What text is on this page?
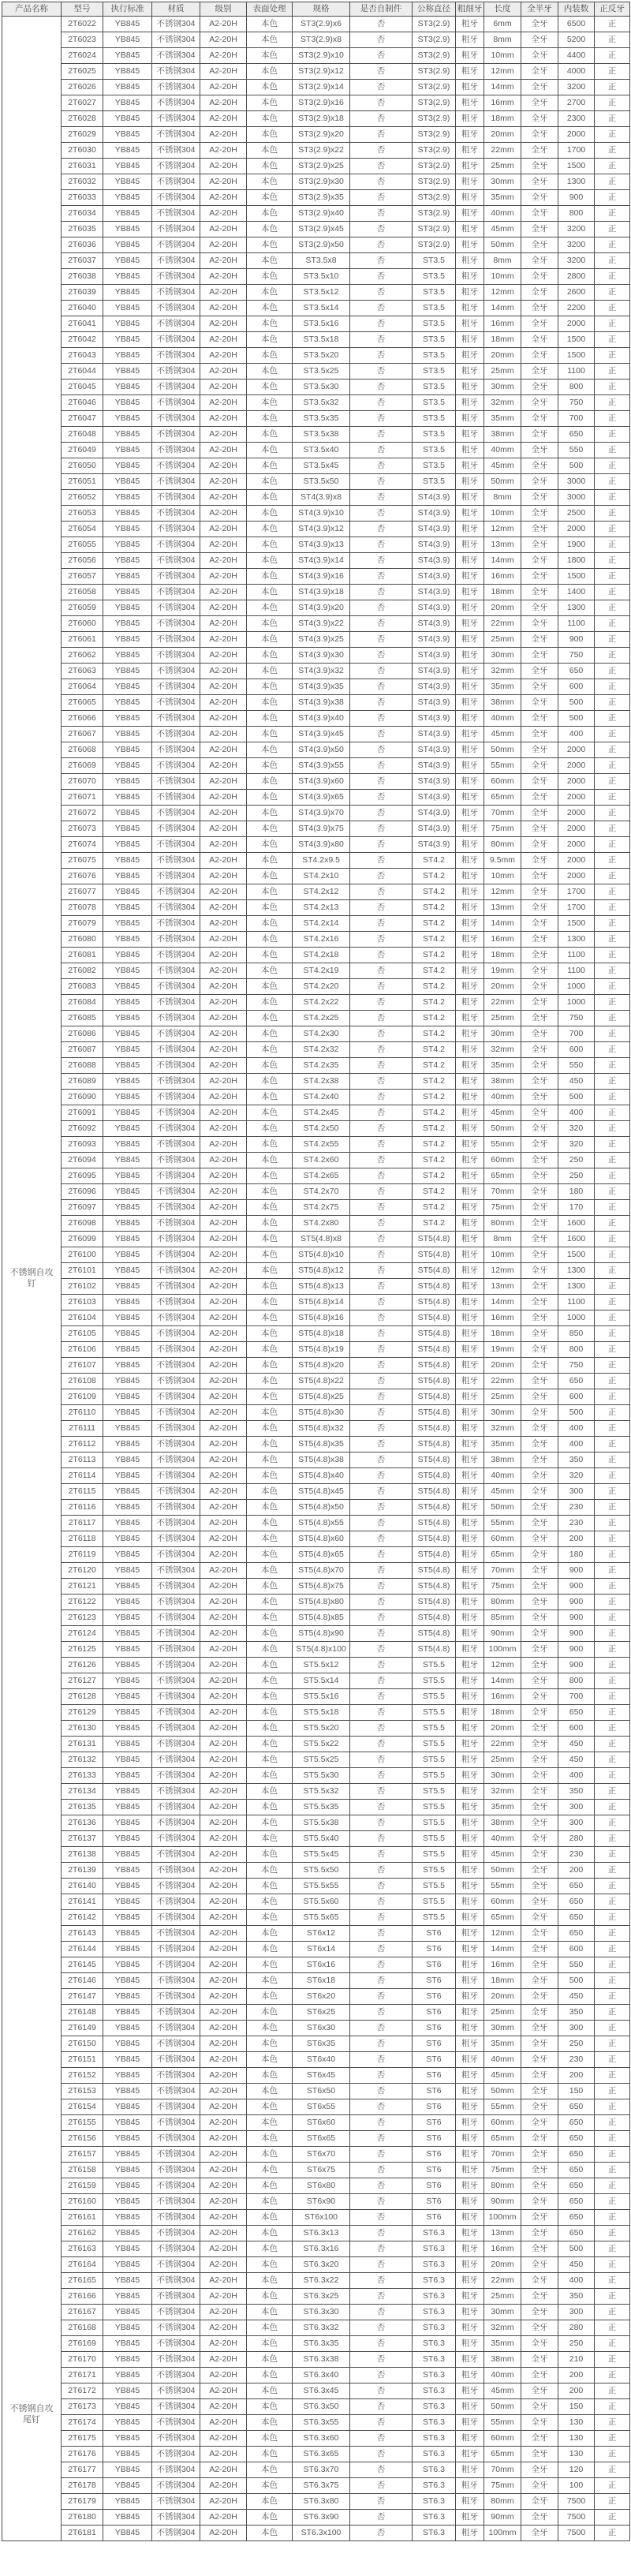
产品名称	型号	执行标准	材质	级别	表面处理	规格	是否自制件	公称直径	粗细牙	长度	全半牙	内装数	正反牙

不锈钢自攻
钉
不锈钢自攻
尾钉	2T6022	YB845	不锈钢304	A2-20H	本色	ST3(2.9)x6	否	ST3(2.9)	粗牙	6mm	全牙	6500	正
	2T6023	YB845	不锈钢304	A2-20H	本色	ST3(2.9)x8	否	ST3(2.9)	粗牙	8mm	全牙	5200	正
	2T6024	YB845	不锈钢304	A2-20H	本色	ST3(2.9)x10	否	ST3(2.9)	粗牙	10mm	全牙	4400	正
	2T6025	YB845	不锈钢304	A2-20H	本色	ST3(2.9)x12	否	ST3(2.9)	粗牙	12mm	全牙	4000	正
	2T6026	YB845	不锈钢304	A2-20H	本色	ST3(2.9)x14	否	ST3(2.9)	粗牙	14mm	全牙	3200	正
	2T6027	YB845	不锈钢304	A2-20H	本色	ST3(2.9)x16	否	ST3(2.9)	粗牙	16mm	全牙	2700	正
	2T6028	YB845	不锈钢304	A2-20H	本色	ST3(2.9)x18	否	ST3(2.9)	粗牙	18mm	全牙	2300	正
	2T6029	YB845	不锈钢304	A2-20H	本色	ST3(2.9)x20	否	ST3(2.9)	粗牙	20mm	全牙	2000	正
	2T6030	YB845	不锈钢304	A2-20H	本色	ST3(2.9)x22	否	ST3(2.9)	粗牙	22mm	全牙	1700	正
	2T6031	YB845	不锈钢304	A2-20H	本色	ST3(2.9)x25	否	ST3(2.9)	粗牙	25mm	全牙	1500	正
	2T6032	YB845	不锈钢304	A2-20H	本色	ST3(2.9)x30	否	ST3(2.9)	粗牙	30mm	全牙	1300	正
	2T6033	YB845	不锈钢304	A2-20H	本色	ST3(2.9)x35	否	ST3(2.9)	粗牙	35mm	全牙	900	正
	2T6034	YB845	不锈钢304	A2-20H	本色	ST3(2.9)x40	否	ST3(2.9)	粗牙	40mm	全牙	800	正
	2T6035	YB845	不锈钢304	A2-20H	本色	ST3(2.9)x45	否	ST3(2.9)	粗牙	45mm	全牙	3200	正
	2T6036	YB845	不锈钢304	A2-20H	本色	ST3(2.9)x50	否	ST3(2.9)	粗牙	50mm	全牙	3200	正
	2T6037	YB845	不锈钢304	A2-20H	本色	ST3.5x8	否	ST3.5	粗牙	8mm	全牙	3200	正
	2T6038	YB845	不锈钢304	A2-20H	本色	ST3.5x10	否	ST3.5	粗牙	10mm	全牙	2800	正
	2T6039	YB845	不锈钢304	A2-20H	本色	ST3.5x12	否	ST3.5	粗牙	12mm	全牙	2600	正
	2T6040	YB845	不锈钢304	A2-20H	本色	ST3.5x14	否	ST3.5	粗牙	14mm	全牙	2200	正
	2T6041	YB845	不锈钢304	A2-20H	本色	ST3.5x16	否	ST3.5	粗牙	16mm	全牙	2000	正
	2T6042	YB845	不锈钢304	A2-20H	本色	ST3.5x18	否	ST3.5	粗牙	18mm	全牙	1500	正
	2T6043	YB845	不锈钢304	A2-20H	本色	ST3.5x20	否	ST3.5	粗牙	20mm	全牙	1500	正
	2T6044	YB845	不锈钢304	A2-20H	本色	ST3.5x25	否	ST3.5	粗牙	25mm	全牙	1100	正
	2T6045	YB845	不锈钢304	A2-20H	本色	ST3.5x30	否	ST3.5	粗牙	30mm	全牙	800	正
	2T6046	YB845	不锈钢304	A2-20H	本色	ST3.5x32	否	ST3.5	粗牙	32mm	全牙	750	正
	2T6047	YB845	不锈钢304	A2-20H	本色	ST3.5x35	否	ST3.5	粗牙	35mm	全牙	700	正
	2T6048	YB845	不锈钢304	A2-20H	本色	ST3.5x38	否	ST3.5	粗牙	38mm	全牙	650	正
	2T6049	YB845	不锈钢304	A2-20H	本色	ST3.5x40	否	ST3.5	粗牙	40mm	全牙	550	正
	2T6050	YB845	不锈钢304	A2-20H	本色	ST3.5x45	否	ST3.5	粗牙	45mm	全牙	500	正
	2T6051	YB845	不锈钢304	A2-20H	本色	ST3.5x50	否	ST3.5	粗牙	50mm	全牙	3000	正
	2T6052	YB845	不锈钢304	A2-20H	本色	ST4(3.9)x8	否	ST4(3.9)	粗牙	8mm	全牙	3000	正
	2T6053	YB845	不锈钢304	A2-20H	本色	ST4(3.9)x10	否	ST4(3.9)	粗牙	10mm	全牙	2500	正
	2T6054	YB845	不锈钢304	A2-20H	本色	ST4(3.9)x12	否	ST4(3.9)	粗牙	12mm	全牙	2000	正
	2T6055	YB845	不锈钢304	A2-20H	本色	ST4(3.9)x13	否	ST4(3.9)	粗牙	13mm	全牙	1900	正
	2T6056	YB845	不锈钢304	A2-20H	本色	ST4(3.9)x14	否	ST4(3.9)	粗牙	14mm	全牙	1800	正
	2T6057	YB845	不锈钢304	A2-20H	本色	ST4(3.9)x16	否	ST4(3.9)	粗牙	16mm	全牙	1500	正
	2T6058	YB845	不锈钢304	A2-20H	本色	ST4(3.9)x18	否	ST4(3.9)	粗牙	18mm	全牙	1400	正
	2T6059	YB845	不锈钢304	A2-20H	本色	ST4(3.9)x20	否	ST4(3.9)	粗牙	20mm	全牙	1300	正
	2T6060	YB845	不锈钢304	A2-20H	本色	ST4(3.9)x22	否	ST4(3.9)	粗牙	22mm	全牙	1100	正
	2T6061	YB845	不锈钢304	A2-20H	本色	ST4(3.9)x25	否	ST4(3.9)	粗牙	25mm	全牙	900	正
	2T6062	YB845	不锈钢304	A2-20H	本色	ST4(3.9)x30	否	ST4(3.9)	粗牙	30mm	全牙	750	正
	2T6063	YB845	不锈钢304	A2-20H	本色	ST4(3.9)x32	否	ST4(3.9)	粗牙	32mm	全牙	650	正
	2T6064	YB845	不锈钢304	A2-20H	本色	ST4(3.9)x35	否	ST4(3.9)	粗牙	35mm	全牙	600	正
	2T6065	YB845	不锈钢304	A2-20H	本色	ST4(3.9)x38	否	ST4(3.9)	粗牙	38mm	全牙	500	正
	2T6066	YB845	不锈钢304	A2-20H	本色	ST4(3.9)x40	否	ST4(3.9)	粗牙	40mm	全牙	500	正
	2T6067	YB845	不锈钢304	A2-20H	本色	ST4(3.9)x45	否	ST4(3.9)	粗牙	45mm	全牙	400	正
	2T6068	YB845	不锈钢304	A2-20H	本色	ST4(3.9)x50	否	ST4(3.9)	粗牙	50mm	全牙	2000	正
	2T6069	YB845	不锈钢304	A2-20H	本色	ST4(3.9)x55	否	ST4(3.9)	粗牙	55mm	全牙	2000	正
	2T6070	YB845	不锈钢304	A2-20H	本色	ST4(3.9)x60	否	ST4(3.9)	粗牙	60mm	全牙	2000	正
	2T6071	YB845	不锈钢304	A2-20H	本色	ST4(3.9)x65	否	ST4(3.9)	粗牙	65mm	全牙	2000	正
	2T6072	YB845	不锈钢304	A2-20H	本色	ST4(3.9)x70	否	ST4(3.9)	粗牙	70mm	全牙	2000	正
	2T6073	YB845	不锈钢304	A2-20H	本色	ST4(3.9)x75	否	ST4(3.9)	粗牙	75mm	全牙	2000	正
	2T6074	YB845	不锈钢304	A2-20H	本色	ST4(3.9)x80	否	ST4(3.9)	粗牙	80mm	全牙	2000	正
	2T6075	YB845	不锈钢304	A2-20H	本色	ST4.2x9.5	否	ST4.2	粗牙	9.5mm	全牙	2000	正
	2T6076	YB845	不锈钢304	A2-20H	本色	ST4.2x10	否	ST4.2	粗牙	10mm	全牙	2000	正
	2T6077	YB845	不锈钢304	A2-20H	本色	ST4.2x12	否	ST4.2	粗牙	12mm	全牙	1700	正
	2T6078	YB845	不锈钢304	A2-20H	本色	ST4.2x13	否	ST4.2	粗牙	13mm	全牙	1700	正
	2T6079	YB845	不锈钢304	A2-20H	本色	ST4.2x14	否	ST4.2	粗牙	14mm	全牙	1500	正
	2T6080	YB845	不锈钢304	A2-20H	本色	ST4.2x16	否	ST4.2	粗牙	16mm	全牙	1300	正
	2T6081	YB845	不锈钢304	A2-20H	本色	ST4.2x18	否	ST4.2	粗牙	18mm	全牙	1100	正
	2T6082	YB845	不锈钢304	A2-20H	本色	ST4.2x19	否	ST4.2	粗牙	19mm	全牙	1100	正
	2T6083	YB845	不锈钢304	A2-20H	本色	ST4.2x20	否	ST4.2	粗牙	20mm	全牙	1000	正
	2T6084	YB845	不锈钢304	A2-20H	本色	ST4.2x22	否	ST4.2	粗牙	22mm	全牙	1000	正
	2T6085	YB845	不锈钢304	A2-20H	本色	ST4.2x25	否	ST4.2	粗牙	25mm	全牙	750	正
	2T6086	YB845	不锈钢304	A2-20H	本色	ST4.2x30	否	ST4.2	粗牙	30mm	全牙	700	正
	2T6087	YB845	不锈钢304	A2-20H	本色	ST4.2x32	否	ST4.2	粗牙	32mm	全牙	600	正
	2T6088	YB845	不锈钢304	A2-20H	本色	ST4.2x35	否	ST4.2	粗牙	35mm	全牙	550	正
	2T6089	YB845	不锈钢304	A2-20H	本色	ST4.2x38	否	ST4.2	粗牙	38mm	全牙	450	正
	2T6090	YB845	不锈钢304	A2-20H	本色	ST4.2x40	否	ST4.2	粗牙	40mm	全牙	500	正
	2T6091	YB845	不锈钢304	A2-20H	本色	ST4.2x45	否	ST4.2	粗牙	45mm	全牙	400	正
	2T6092	YB845	不锈钢304	A2-20H	本色	ST4.2x50	否	ST4.2	粗牙	50mm	全牙	320	正
	2T6093	YB845	不锈钢304	A2-20H	本色	ST4.2x55	否	ST4.2	粗牙	55mm	全牙	320	正
	2T6094	YB845	不锈钢304	A2-20H	本色	ST4.2x60	否	ST4.2	粗牙	60mm	全牙	250	正
	2T6095	YB845	不锈钢304	A2-20H	本色	ST4.2x65	否	ST4.2	粗牙	65mm	全牙	250	正
	2T6096	YB845	不锈钢304	A2-20H	本色	ST4.2x70	否	ST4.2	粗牙	70mm	全牙	180	正
	2T6097	YB845	不锈钢304	A2-20H	本色	ST4.2x75	否	ST4.2	粗牙	75mm	全牙	170	正
	2T6098	YB845	不锈钢304	A2-20H	本色	ST4.2x80	否	ST4.2	粗牙	80mm	全牙	1600	正
	2T6099	YB845	不锈钢304	A2-20H	本色	ST5(4.8)x8	否	ST5(4.8)	粗牙	8mm	全牙	1600	正
	2T6100	YB845	不锈钢304	A2-20H	本色	ST5(4.8)x10	否	ST5(4.8)	粗牙	10mm	全牙	1500	正
	2T6101	YB845	不锈钢304	A2-20H	本色	ST5(4.8)x12	否	ST5(4.8)	粗牙	12mm	全牙	1300	正
	2T6102	YB845	不锈钢304	A2-20H	本色	ST5(4.8)x13	否	ST5(4.8)	粗牙	13mm	全牙	1300	正
	2T6103	YB845	不锈钢304	A2-20H	本色	ST5(4.8)x14	否	ST5(4.8)	粗牙	14mm	全牙	1100	正
	2T6104	YB845	不锈钢304	A2-20H	本色	ST5(4.8)x16	否	ST5(4.8)	粗牙	16mm	全牙	1000	正
	2T6105	YB845	不锈钢304	A2-20H	本色	ST5(4.8)x18	否	ST5(4.8)	粗牙	18mm	全牙	850	正
	2T6106	YB845	不锈钢304	A2-20H	本色	ST5(4.8)x19	否	ST5(4.8)	粗牙	19mm	全牙	800	正
	2T6107	YB845	不锈钢304	A2-20H	本色	ST5(4.8)x20	否	ST5(4.8)	粗牙	20mm	全牙	750	正
	2T6108	YB845	不锈钢304	A2-20H	本色	ST5(4.8)x22	否	ST5(4.8)	粗牙	22mm	全牙	650	正
	2T6109	YB845	不锈钢304	A2-20H	本色	ST5(4.8)x25	否	ST5(4.8)	粗牙	25mm	全牙	600	正
	2T6110	YB845	不锈钢304	A2-20H	本色	ST5(4.8)x30	否	ST5(4.8)	粗牙	30mm	全牙	500	正
	2T6111	YB845	不锈钢304	A2-20H	本色	ST5(4.8)x32	否	ST5(4.8)	粗牙	32mm	全牙	400	正
	2T6112	YB845	不锈钢304	A2-20H	本色	ST5(4.8)x35	否	ST5(4.8)	粗牙	35mm	全牙	400	正
	2T6113	YB845	不锈钢304	A2-20H	本色	ST5(4.8)x38	否	ST5(4.8)	粗牙	38mm	全牙	350	正
	2T6114	YB845	不锈钢304	A2-20H	本色	ST5(4.8)x40	否	ST5(4.8)	粗牙	40mm	全牙	320	正
	2T6115	YB845	不锈钢304	A2-20H	本色	ST5(4.8)x45	否	ST5(4.8)	粗牙	45mm	全牙	300	正
	2T6116	YB845	不锈钢304	A2-20H	本色	ST5(4.8)x50	否	ST5(4.8)	粗牙	50mm	全牙	230	正
	2T6117	YB845	不锈钢304	A2-20H	本色	ST5(4.8)x55	否	ST5(4.8)	粗牙	55mm	全牙	230	正
	2T6118	YB845	不锈钢304	A2-20H	本色	ST5(4.8)x60	否	ST5(4.8)	粗牙	60mm	全牙	200	正
	2T6119	YB845	不锈钢304	A2-20H	本色	ST5(4.8)x65	否	ST5(4.8)	粗牙	65mm	全牙	180	正
	2T6120	YB845	不锈钢304	A2-20H	本色	ST5(4.8)x70	否	ST5(4.8)	粗牙	70mm	全牙	900	正
	2T6121	YB845	不锈钢304	A2-20H	本色	ST5(4.8)x75	否	ST5(4.8)	粗牙	75mm	全牙	900	正
	2T6122	YB845	不锈钢304	A2-20H	本色	ST5(4.8)x80	否	ST5(4.8)	粗牙	80mm	全牙	900	正
	2T6123	YB845	不锈钢304	A2-20H	本色	ST5(4.8)x85	否	ST5(4.8)	粗牙	85mm	全牙	900	正
	2T6124	YB845	不锈钢304	A2-20H	本色	ST5(4.8)x90	否	ST5(4.8)	粗牙	90mm	全牙	900	正
	2T6125	YB845	不锈钢304	A2-20H	本色	ST5(4.8)x100	否	ST5(4.8)	粗牙	100mm	全牙	900	正
	2T6126	YB845	不锈钢304	A2-20H	本色	ST5.5x12	否	ST5.5	粗牙	12mm	全牙	900	正
	2T6127	YB845	不锈钢304	A2-20H	本色	ST5.5x14	否	ST5.5	粗牙	14mm	全牙	800	正
	2T6128	YB845	不锈钢304	A2-20H	本色	ST5.5x16	否	ST5.5	粗牙	16mm	全牙	700	正
	2T6129	YB845	不锈钢304	A2-20H	本色	ST5.5x18	否	ST5.5	粗牙	18mm	全牙	650	正
	2T6130	YB845	不锈钢304	A2-20H	本色	ST5.5x20	否	ST5.5	粗牙	20mm	全牙	600	正
	2T6131	YB845	不锈钢304	A2-20H	本色	ST5.5x22	否	ST5.5	粗牙	22mm	全牙	450	正
	2T6132	YB845	不锈钢304	A2-20H	本色	ST5.5x25	否	ST5.5	粗牙	25mm	全牙	450	正
	2T6133	YB845	不锈钢304	A2-20H	本色	ST5.5x30	否	ST5.5	粗牙	30mm	全牙	400	正
	2T6134	YB845	不锈钢304	A2-20H	本色	ST5.5x32	否	ST5.5	粗牙	32mm	全牙	350	正
	2T6135	YB845	不锈钢304	A2-20H	本色	ST5.5x35	否	ST5.5	粗牙	35mm	全牙	300	正
	2T6136	YB845	不锈钢304	A2-20H	本色	ST5.5x38	否	ST5.5	粗牙	38mm	全牙	300	正
	2T6137	YB845	不锈钢304	A2-20H	本色	ST5.5x40	否	ST5.5	粗牙	40mm	全牙	280	正
	2T6138	YB845	不锈钢304	A2-20H	本色	ST5.5x45	否	ST5.5	粗牙	45mm	全牙	230	正
	2T6139	YB845	不锈钢304	A2-20H	本色	ST5.5x50	否	ST5.5	粗牙	50mm	全牙	200	正
	2T6140	YB845	不锈钢304	A2-20H	本色	ST5.5x55	否	ST5.5	粗牙	55mm	全牙	650	正
	2T6141	YB845	不锈钢304	A2-20H	本色	ST5.5x60	否	ST5.5	粗牙	60mm	全牙	650	正
	2T6142	YB845	不锈钢304	A2-20H	本色	ST5.5x65	否	ST5.5	粗牙	65mm	全牙	650	正
	2T6143	YB845	不锈钢304	A2-20H	本色	ST6x12	否	ST6	粗牙	12mm	全牙	650	正
	2T6144	YB845	不锈钢304	A2-20H	本色	ST6x14	否	ST6	粗牙	14mm	全牙	600	正
	2T6145	YB845	不锈钢304	A2-20H	本色	ST6x16	否	ST6	粗牙	16mm	全牙	550	正
	2T6146	YB845	不锈钢304	A2-20H	本色	ST6x18	否	ST6	粗牙	18mm	全牙	500	正
	2T6147	YB845	不锈钢304	A2-20H	本色	ST6x20	否	ST6	粗牙	20mm	全牙	450	正
	2T6148	YB845	不锈钢304	A2-20H	本色	ST6x25	否	ST6	粗牙	25mm	全牙	350	正
	2T6149	YB845	不锈钢304	A2-20H	本色	ST6x30	否	ST6	粗牙	30mm	全牙	300	正
	2T6150	YB845	不锈钢304	A2-20H	本色	ST6x35	否	ST6	粗牙	35mm	全牙	250	正
	2T6151	YB845	不锈钢304	A2-20H	本色	ST6x40	否	ST6	粗牙	40mm	全牙	230	正
	2T6152	YB845	不锈钢304	A2-20H	本色	ST6x45	否	ST6	粗牙	45mm	全牙	200	正
	2T6153	YB845	不锈钢304	A2-20H	本色	ST6x50	否	ST6	粗牙	50mm	全牙	150	正
	2T6154	YB845	不锈钢304	A2-20H	本色	ST6x55	否	ST6	粗牙	55mm	全牙	650	正
	2T6155	YB845	不锈钢304	A2-20H	本色	ST6x60	否	ST6	粗牙	60mm	全牙	650	正
	2T6156	YB845	不锈钢304	A2-20H	本色	ST6x65	否	ST6	粗牙	65mm	全牙	650	正
	2T6157	YB845	不锈钢304	A2-20H	本色	ST6x70	否	ST6	粗牙	70mm	全牙	650	正
	2T6158	YB845	不锈钢304	A2-20H	本色	ST6x75	否	ST6	粗牙	75mm	全牙	650	正
	2T6159	YB845	不锈钢304	A2-20H	本色	ST6x80	否	ST6	粗牙	80mm	全牙	650	正
	2T6160	YB845	不锈钢304	A2-20H	本色	ST6x90	否	ST6	粗牙	90mm	全牙	650	正
	2T6161	YB845	不锈钢304	A2-20H	本色	ST6x100	否	ST6	粗牙	100mm	全牙	650	正
	2T6162	YB845	不锈钢304	A2-20H	本色	ST6.3x13	否	ST6.3	粗牙	13mm	全牙	650	正
	2T6163	YB845	不锈钢304	A2-20H	本色	ST6.3x16	否	ST6.3	粗牙	16mm	全牙	500	正
	2T6164	YB845	不锈钢304	A2-20H	本色	ST6.3x20	否	ST6.3	粗牙	20mm	全牙	450	正
	2T6165	YB845	不锈钢304	A2-20H	本色	ST6.3x22	否	ST6.3	粗牙	22mm	全牙	400	正
	2T6166	YB845	不锈钢304	A2-20H	本色	ST6.3x25	否	ST6.3	粗牙	25mm	全牙	350	正
	2T6167	YB845	不锈钢304	A2-20H	本色	ST6.3x30	否	ST6.3	粗牙	30mm	全牙	300	正
	2T6168	YB845	不锈钢304	A2-20H	本色	ST6.3x32	否	ST6.3	粗牙	32mm	全牙	280	正
	2T6169	YB845	不锈钢304	A2-20H	本色	ST6.3x35	否	ST6.3	粗牙	35mm	全牙	250	正
	2T6170	YB845	不锈钢304	A2-20H	本色	ST6.3x38	否	ST6.3	粗牙	38mm	全牙	210	正
	2T6171	YB845	不锈钢304	A2-20H	本色	ST6.3x40	否	ST6.3	粗牙	40mm	全牙	200	正
	2T6172	YB845	不锈钢304	A2-20H	本色	ST6.3x45	否	ST6.3	粗牙	45mm	全牙	200	正
	2T6173	YB845	不锈钢304	A2-20H	本色	ST6.3x50	否	ST6.3	粗牙	50mm	全牙	150	正
	2T6174	YB845	不锈钢304	A2-20H	本色	ST6.3x55	否	ST6.3	粗牙	55mm	全牙	130	正
	2T6175	YB845	不锈钢304	A2-20H	本色	ST6.3x60	否	ST6.3	粗牙	60mm	全牙	130	正
	2T6176	YB845	不锈钢304	A2-20H	本色	ST6.3x65	否	ST6.3	粗牙	65mm	全牙	130	正
	2T6177	YB845	不锈钢304	A2-20H	本色	ST6.3x70	否	ST6.3	粗牙	70mm	全牙	120	正
	2T6178	YB845	不锈钢304	A2-20H	本色	ST6.3x75	否	ST6.3	粗牙	75mm	全牙	100	正
	2T6179	YB845	不锈钢304	A2-20H	本色	ST6.3x80	否	ST6.3	粗牙	80mm	全牙	7500	正
	2T6180	YB845	不锈钢304	A2-20H	本色	ST6.3x90	否	ST6.3	粗牙	90mm	全牙	7500	正
	2T6181	YB845	不锈钢304	A2-20H	本色	ST6.3x100	否	ST6.3	粗牙	100mm	全牙	7500	正
